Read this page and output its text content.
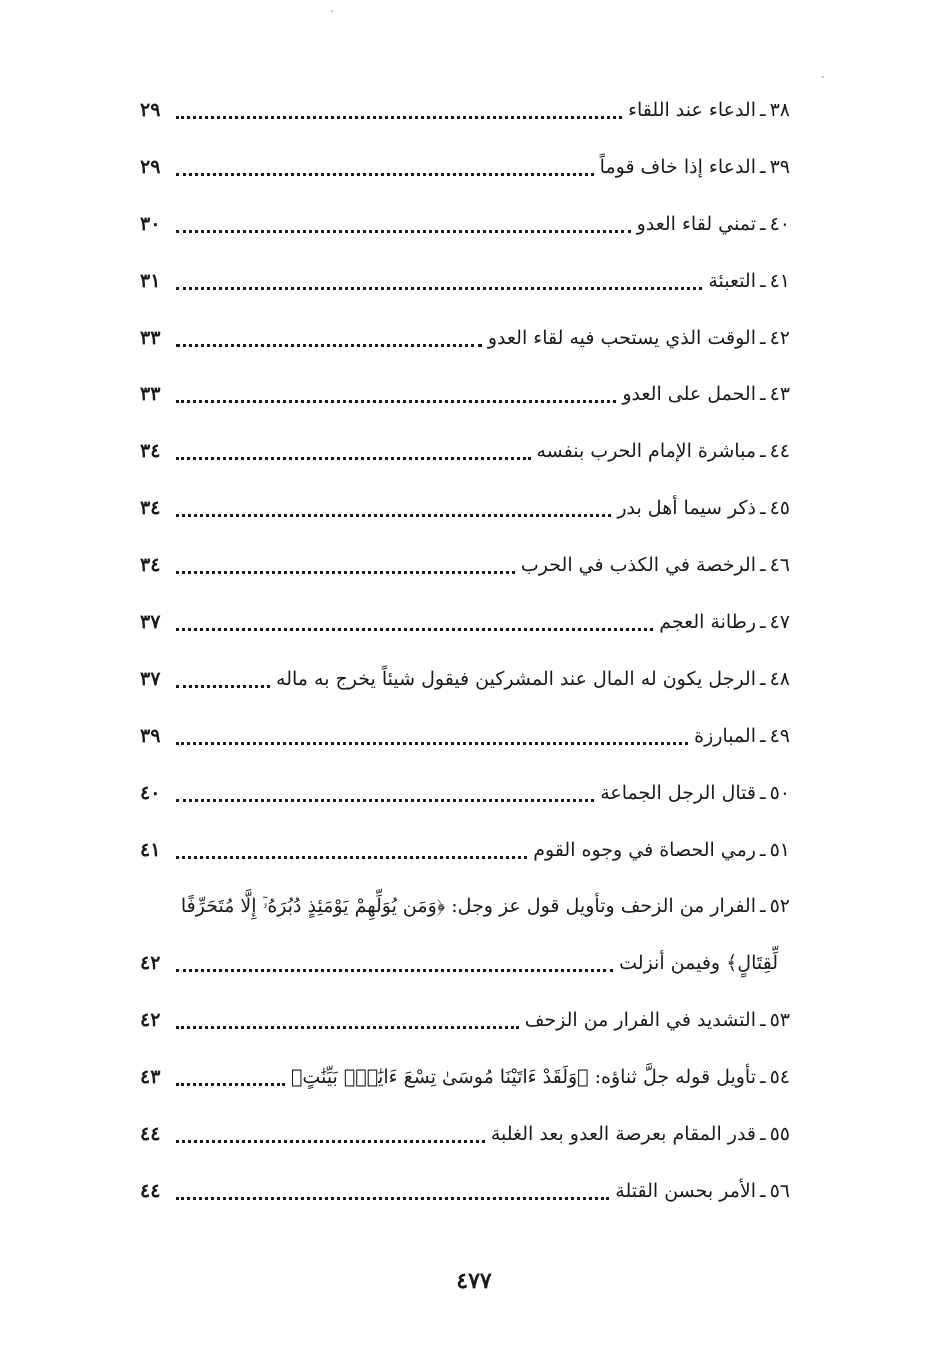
٣٨
ـ
الدعاء عند اللقاء
٢٩
٣٩
ـ
الدعاء إذا خاف قوماً
٢٩
٤٠
ـ
تمني لقاء العدو
٣٠
٤١
ـ
التعبئة
٣١
٤٢
ـ
الوقت الذي يستحب فيه لقاء العدو
٣٣
٤٣
ـ
الحمل على العدو
٣٣
٤٤
ـ
مباشرة الإمام الحرب بنفسه
٣٤
٤٥
ـ
ذكر سيما أهل بدر
٣٤
٤٦
ـ
الرخصة في الكذب في الحرب
٣٤
٤٧
ـ
رطانة العجم
٣٧
٤٨
ـ
الرجل يكون له المال عند المشركين فيقول شيئاً يخرج به ماله
٣٧
٤٩
ـ
المبارزة
٣٩
٥٠
ـ
قتال الرجل الجماعة
٤٠
٥١
ـ
رمي الحصاة في وجوه القوم
٤١
٥٢
ـ
الفرار من الزحف وتأويل قول عز وجل: ﴿وَمَن يُوَلِّهِمْ يَوْمَئِذٍ دُبُرَهُۥٓ إِلَّا مُتَحَرِّفًا
لِّقِتَالٍ﴾ وفيمن أنزلت
٤٢
٥٣
ـ
التشديد في الفرار من الزحف
٤٢
٥٤
ـ
تأويل قوله جلَّ ثناؤه: ﴿وَلَقَدْ ءَاتَيْنَا مُوسَىٰ تِسْعَ ءَايَٰتٍۭ بَيِّنَٰتٍ﴾
٤٣
٥٥
ـ
قدر المقام بعرصة العدو بعد الغلبة
٤٤
٥٦
ـ
الأمر بحسن القتلة
٤٤
٤٧٧
